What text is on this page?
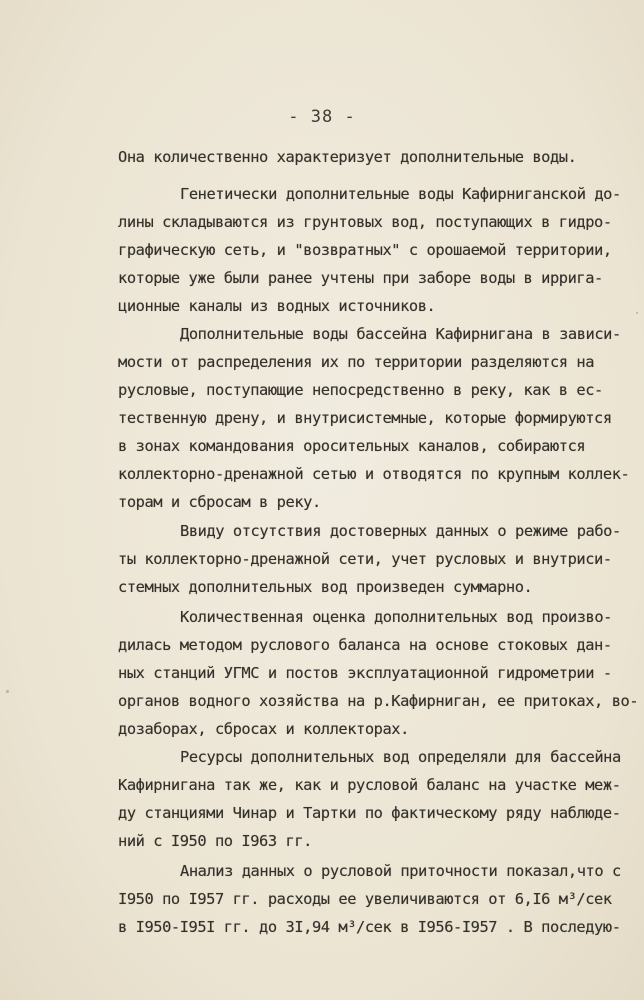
- 38 -
Она количественно характеризует дополнительные воды.
Генетически дополнительные воды Кафирниганской до-
лины складываются из грунтовых вод, поступающих в гидро-
графическую сеть, и "возвратных" с орошаемой территории,
которые уже были ранее учтены при заборе воды в ирригa-
ционные каналы из водных источников.
Дополнительные воды бассейна Кафирнигана в зависи-
мости от распределения их по территории разделяются на
русловые, поступающие непосредственно в реку, как в ес-
тественную дрену, и внутрисистемные, которые формируются
в зонах командования оросительных каналов, собираются
коллекторно-дренажной сетью и отводятся по крупным коллек-
торам и сбросам в реку.
Ввиду отсутствия достоверных данных о режиме рабо-
ты коллекторно-дренажной сети, учет русловых и внутриси-
стемных дополнительных вод произведен суммарно.
Количественная оценка дополнительных вод произво-
дилась методом руслового баланса на основе стоковых дан-
ных станций УГМС и постов эксплуатационной гидрометрии -
органов водного хозяйства на р.Кафирниган, ее притоках, во-
дозаборах, сбросах и коллекторах.
Ресурсы дополнительных вод определяли для бассейна
Кафирнигана так же, как и русловой баланс на участке меж-
ду станциями Чинар и Тартки по фактическому ряду наблюде-
ний с I950 по I963 гг.
Анализ данных о русловой приточности показал,что с
I950 по I957 гг. расходы ее увеличиваются от 6,I6 м³/сек
в I950-I95I гг. до 3I,94 м³/сек в I956-I957 . В последую-
